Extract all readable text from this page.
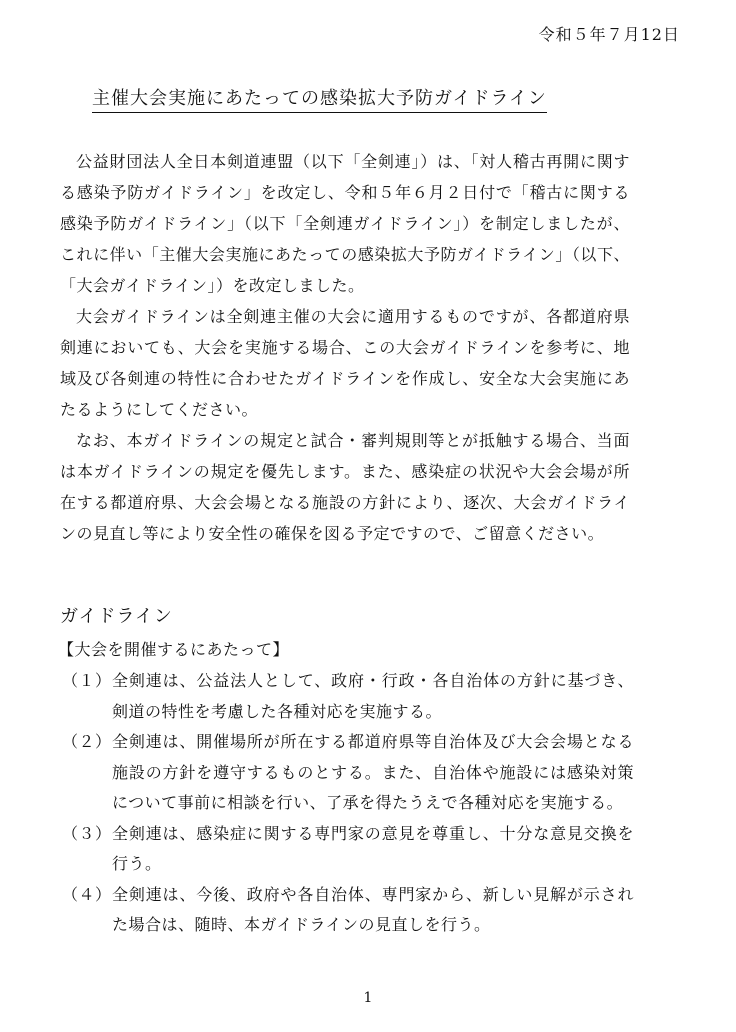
令和５年７月12日
主催大会実施にあたっての感染拡大予防ガイドライン

公益財団法人全日本剣道連盟（以下「全剣連」）は、「対人稽古再開に関する感染予防ガイドライン」を改定し、令和５年６月２日付で「稽古に関する感染予防ガイドライン」（以下「全剣連ガイドライン」）を制定しましたが、これに伴い「主催大会実施にあたっての感染拡大予防ガイドライン」（以下、「大会ガイドライン」）を改定しました。

大会ガイドラインは全剣連主催の大会に適用するものですが、各都道府県剣連においても、大会を実施する場合、この大会ガイドラインを参考に、地域及び各剣連の特性に合わせたガイドラインを作成し、安全な大会実施にあたるようにしてください。

なお、本ガイドラインの規定と試合・審判規則等とが抵触する場合、当面は本ガイドラインの規定を優先します。また、感染症の状況や大会会場が所在する都道府県、大会会場となる施設の方針により、逐次、大会ガイドラインの見直し等により安全性の確保を図る予定ですので、ご留意ください。

ガイドライン
【大会を開催するにあたって】
（１） 全剣連は、公益法人として、政府・行政・各自治体の方針に基づき、剣道の特性を考慮した各種対応を実施する。
（２） 全剣連は、開催場所が所在する都道府県等自治体及び大会会場となる施設の方針を遵守するものとする。また、自治体や施設には感染対策について事前に相談を行い、了承を得たうえで各種対応を実施する。
（３） 全剣連は、感染症に関する専門家の意見を尊重し、十分な意見交換を行う。
（４） 全剣連は、今後、政府や各自治体、専門家から、新しい見解が示された場合は、随時、本ガイドラインの見直しを行う。
1
